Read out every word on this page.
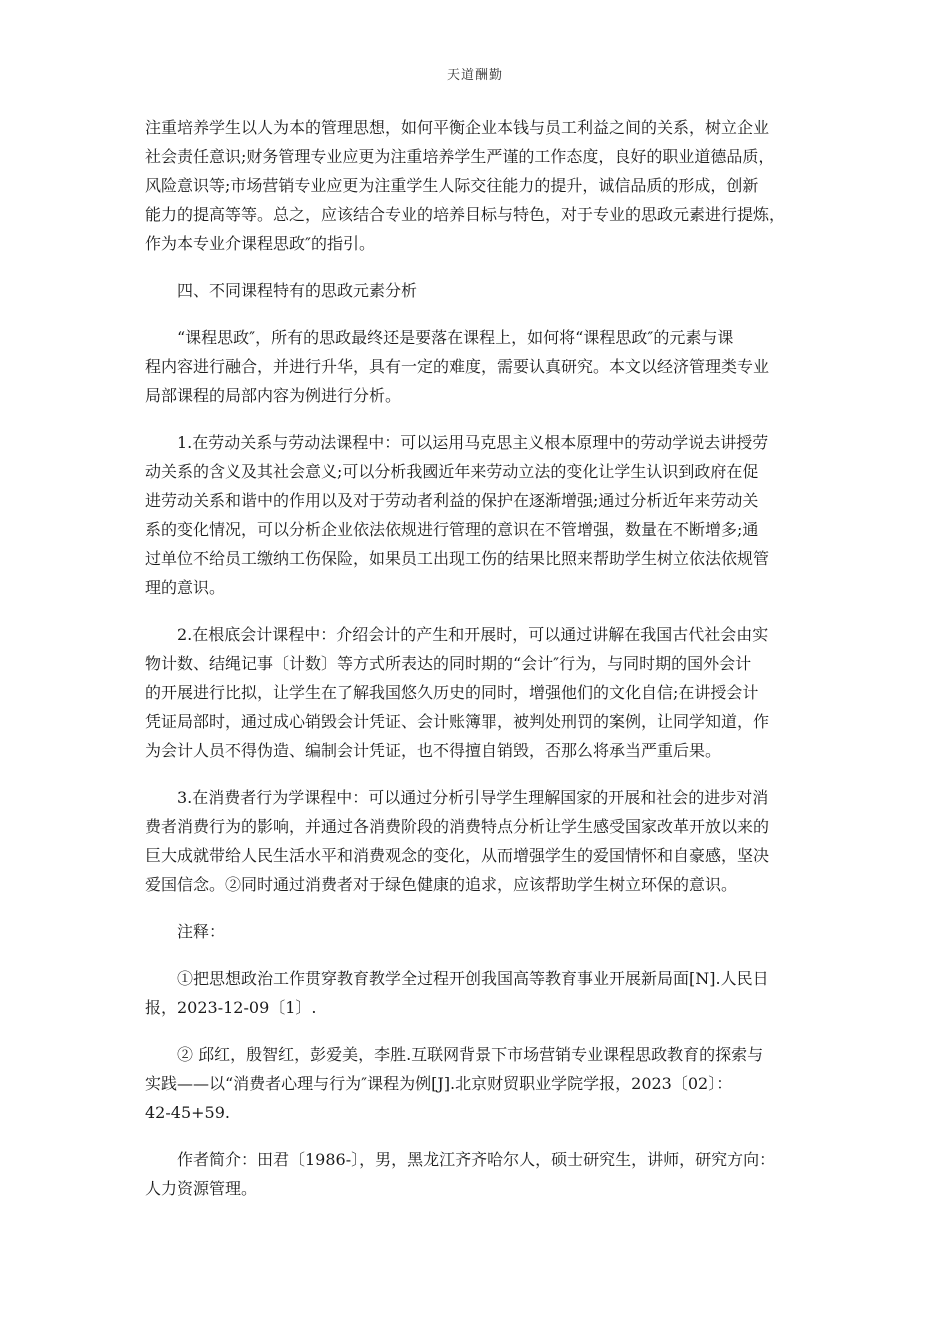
天道酬勤
注重培养学生以人为本的管理思想，如何平衡企业本钱与员工利益之间的关系，树立企业
社会责任意识;财务管理专业应更为注重培养学生严谨的工作态度，良好的职业道德品质，
风险意识等;市场营销专业应更为注重学生人际交往能力的提升，诚信品质的形成，创新
能力的提高等等。总之，应该结合专业的培养目标与特色，对于专业的思政元素进行提炼，
作为本专业介课程思政″的指引。
四、不同课程特有的思政元素分析
“课程思政″，所有的思政最终还是要落在课程上，如何将“课程思政″的元素与课
程内容进行融合，并进行升华，具有一定的难度，需要认真研究。本文以经济管理类专业
局部课程的局部内容为例进行分析。
1.在劳动关系与劳动法课程中：可以运用马克思主义根本原理中的劳动学说去讲授劳
动关系的含义及其社会意义;可以分析我國近年来劳动立法的变化让学生认识到政府在促
进劳动关系和谐中的作用以及对于劳动者利益的保护在逐渐增强;通过分析近年来劳动关
系的变化情况，可以分析企业依法依规进行管理的意识在不管增强，数量在不断增多;通
过单位不给员工缴纳工伤保险，如果员工出现工伤的结果比照来帮助学生树立依法依规管
理的意识。
2.在根底会计课程中：介绍会计的产生和开展时，可以通过讲解在我国古代社会由实
物计数、结绳记事〔计数〕等方式所表达的同时期的“会计″行为，与同时期的国外会计
的开展进行比拟，让学生在了解我国悠久历史的同时，增强他们的文化自信;在讲授会计
凭证局部时，通过成心销毁会计凭证、会计账簿罪，被判处刑罚的案例，让同学知道，作
为会计人员不得伪造、编制会计凭证，也不得擅自销毁，否那么将承当严重后果。
3.在消费者行为学课程中：可以通过分析引导学生理解国家的开展和社会的进步对消
费者消费行为的影响，并通过各消费阶段的消费特点分析让学生感受国家改革开放以来的
巨大成就带给人民生活水平和消费观念的变化，从而增强学生的爱国情怀和自豪感，坚决
爱国信念。②同时通过消费者对于绿色健康的追求，应该帮助学生树立环保的意识。
注释：
①把思想政治工作贯穿教育教学全过程开创我国高等教育事业开展新局面[N].人民日
报，2023-12-09〔1〕.
② 邱红，殷智红，彭爱美，李胜.互联网背景下市场营销专业课程思政教育的探索与
实践——以“消费者心理与行为″课程为例[J].北京财贸职业学院学报，2023〔02〕：
42-45+59.
作者简介：田君〔1986-〕，男，黑龙江齐齐哈尔人，硕士研究生，讲师，研究方向：
人力资源管理。
